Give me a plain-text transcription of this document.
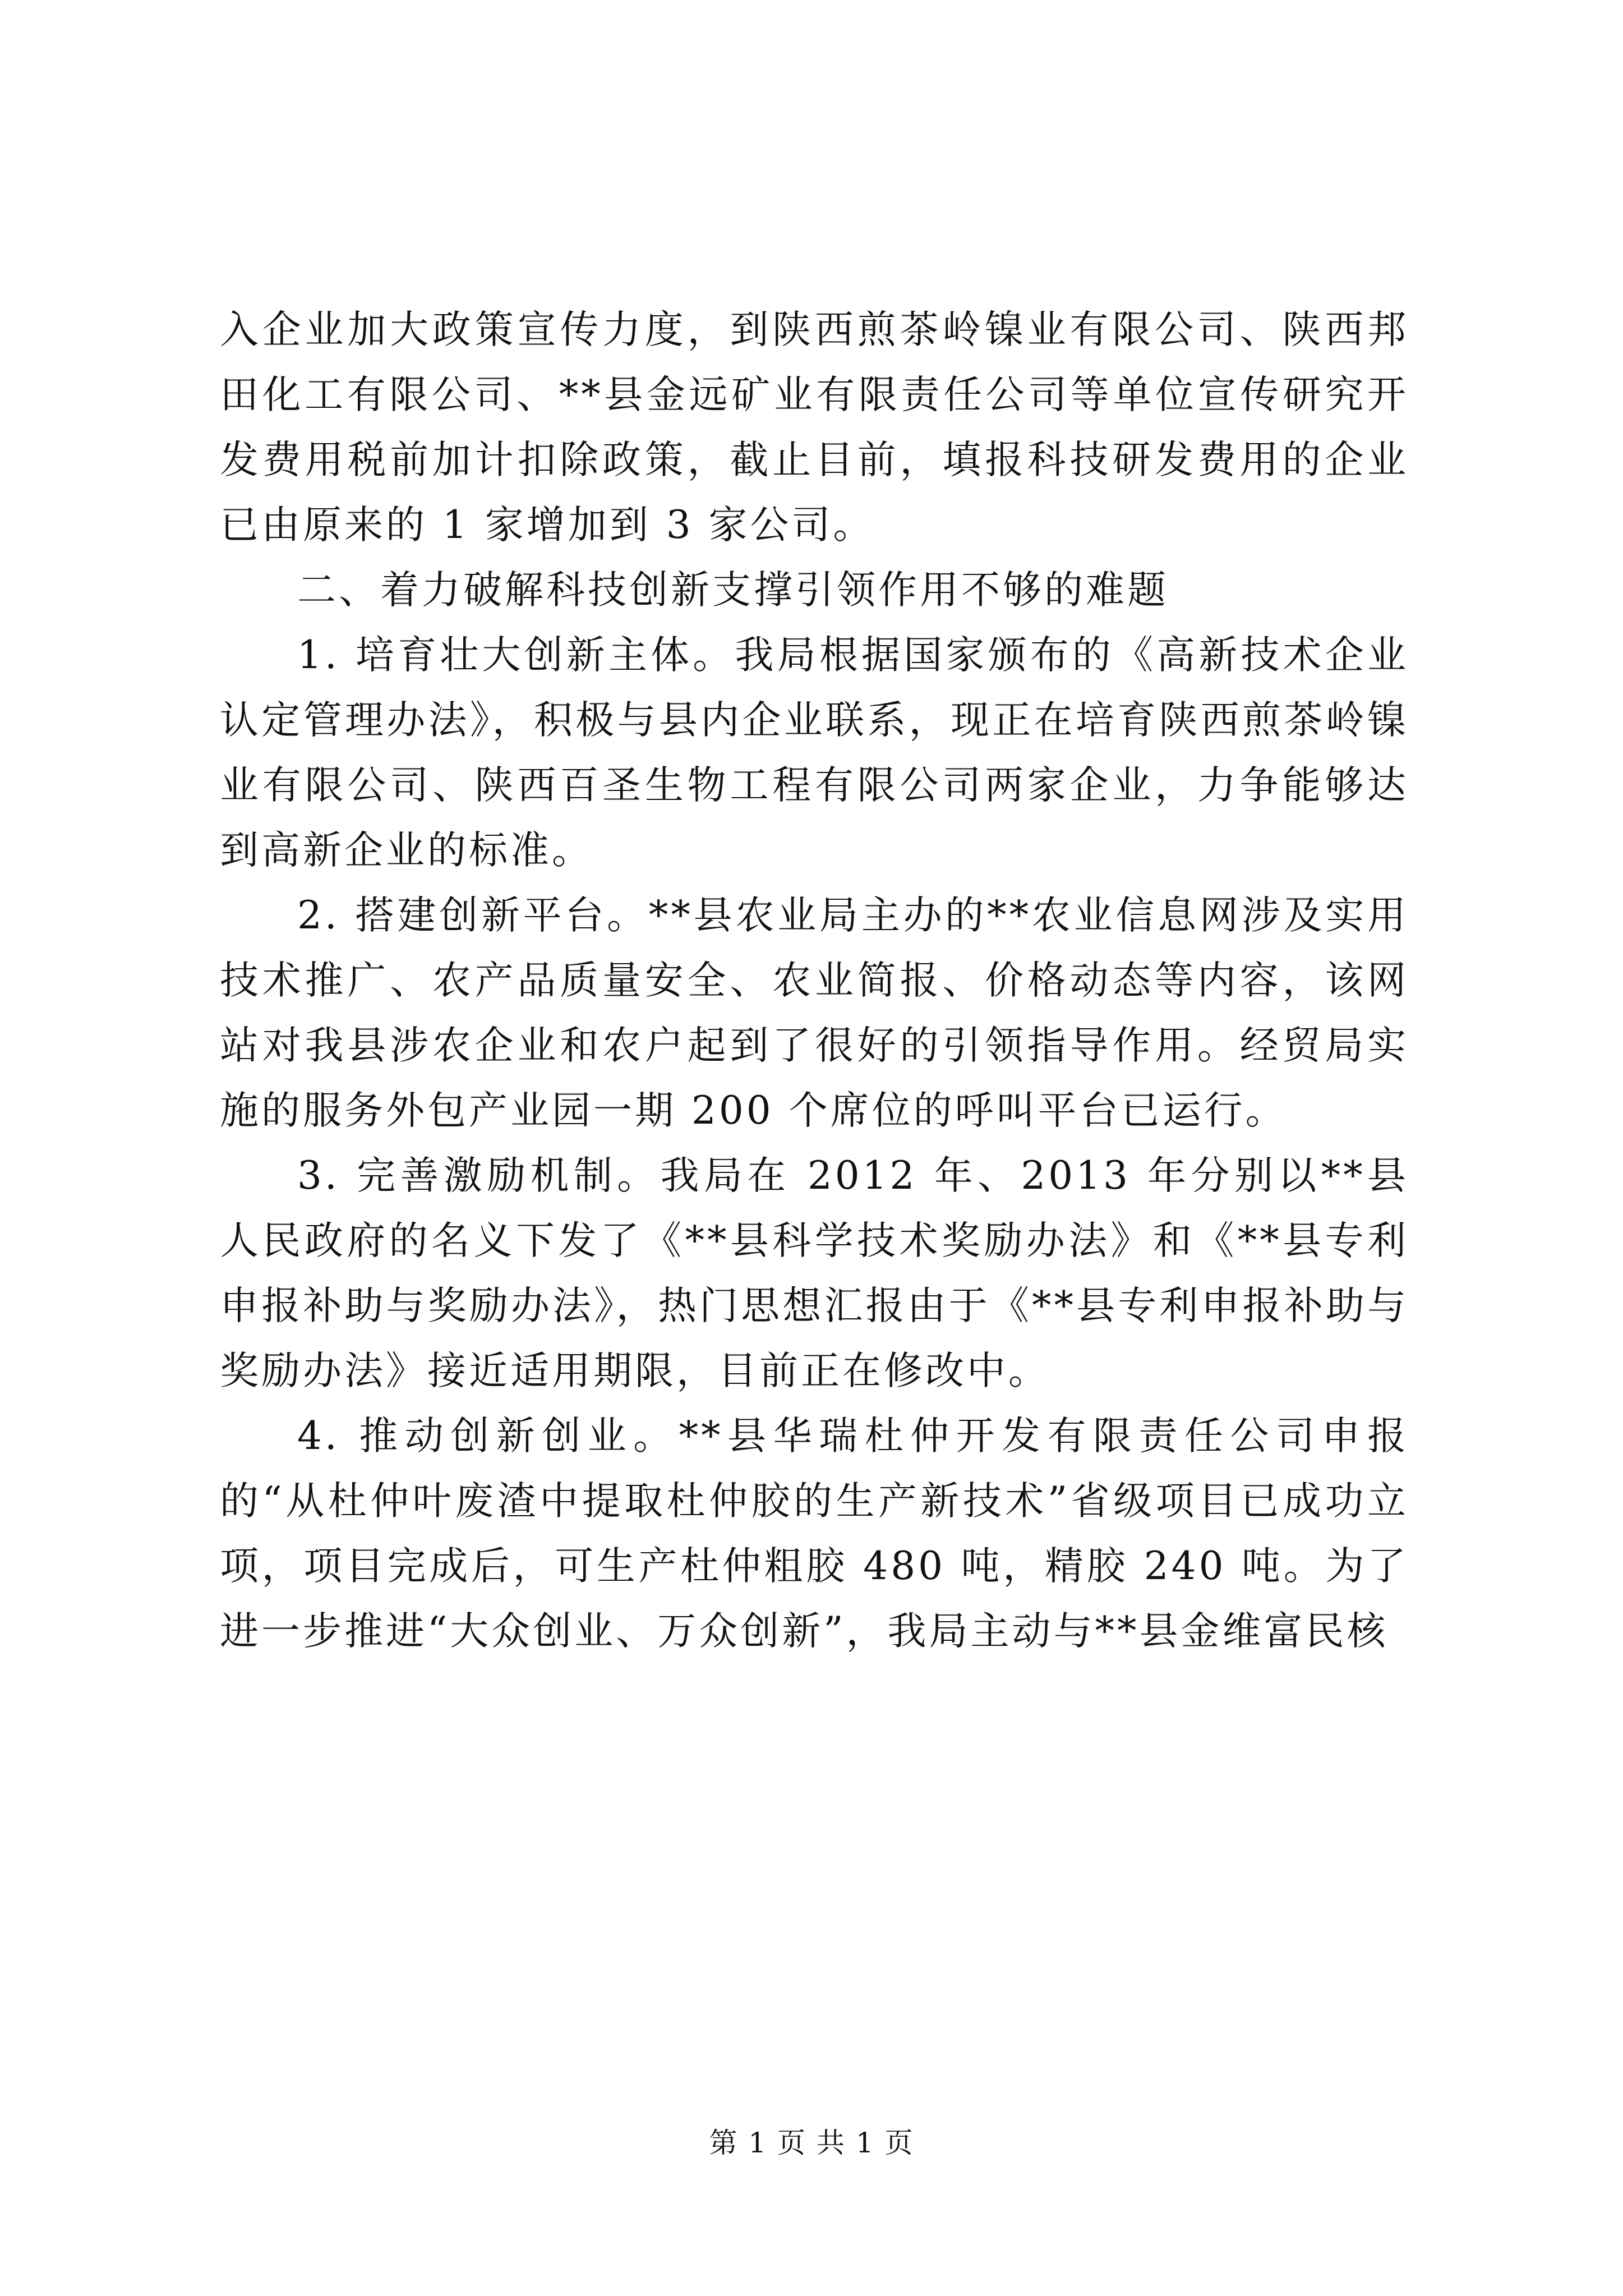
入企业加大政策宣传力度，到陕西煎茶岭镍业有限公司、陕西邦田化工有限公司、**县金远矿业有限责任公司等单位宣传研究开发费用税前加计扣除政策，截止目前，填报科技研发费用的企业已由原来的 1 家增加到 3 家公司。

二、着力破解科技创新支撑引领作用不够的难题

1. 培育壮大创新主体。我局根据国家颁布的《高新技术企业认定管理办法》，积极与县内企业联系，现正在培育陕西煎茶岭镍业有限公司、陕西百圣生物工程有限公司两家企业，力争能够达到高新企业的标准。

2. 搭建创新平台。**县农业局主办的**农业信息网涉及实用技术推广、农产品质量安全、农业简报、价格动态等内容，该网站对我县涉农企业和农户起到了很好的引领指导作用。经贸局实施的服务外包产业园一期 200 个席位的呼叫平台已运行。

3. 完善激励机制。我局在 2012 年、2013 年分别以**县人民政府的名义下发了《**县科学技术奖励办法》和《**县专利申报补助与奖励办法》，热门思想汇报由于《**县专利申报补助与奖励办法》接近适用期限，目前正在修改中。

4. 推动创新创业。**县华瑞杜仲开发有限责任公司申报的“从杜仲叶废渣中提取杜仲胶的生产新技术”省级项目已成功立项，项目完成后，可生产杜仲粗胶 480 吨，精胶 240 吨。为了进一步推进“大众创业、万众创新”，我局主动与**县金维富民核

第 1 页 共 1 页
